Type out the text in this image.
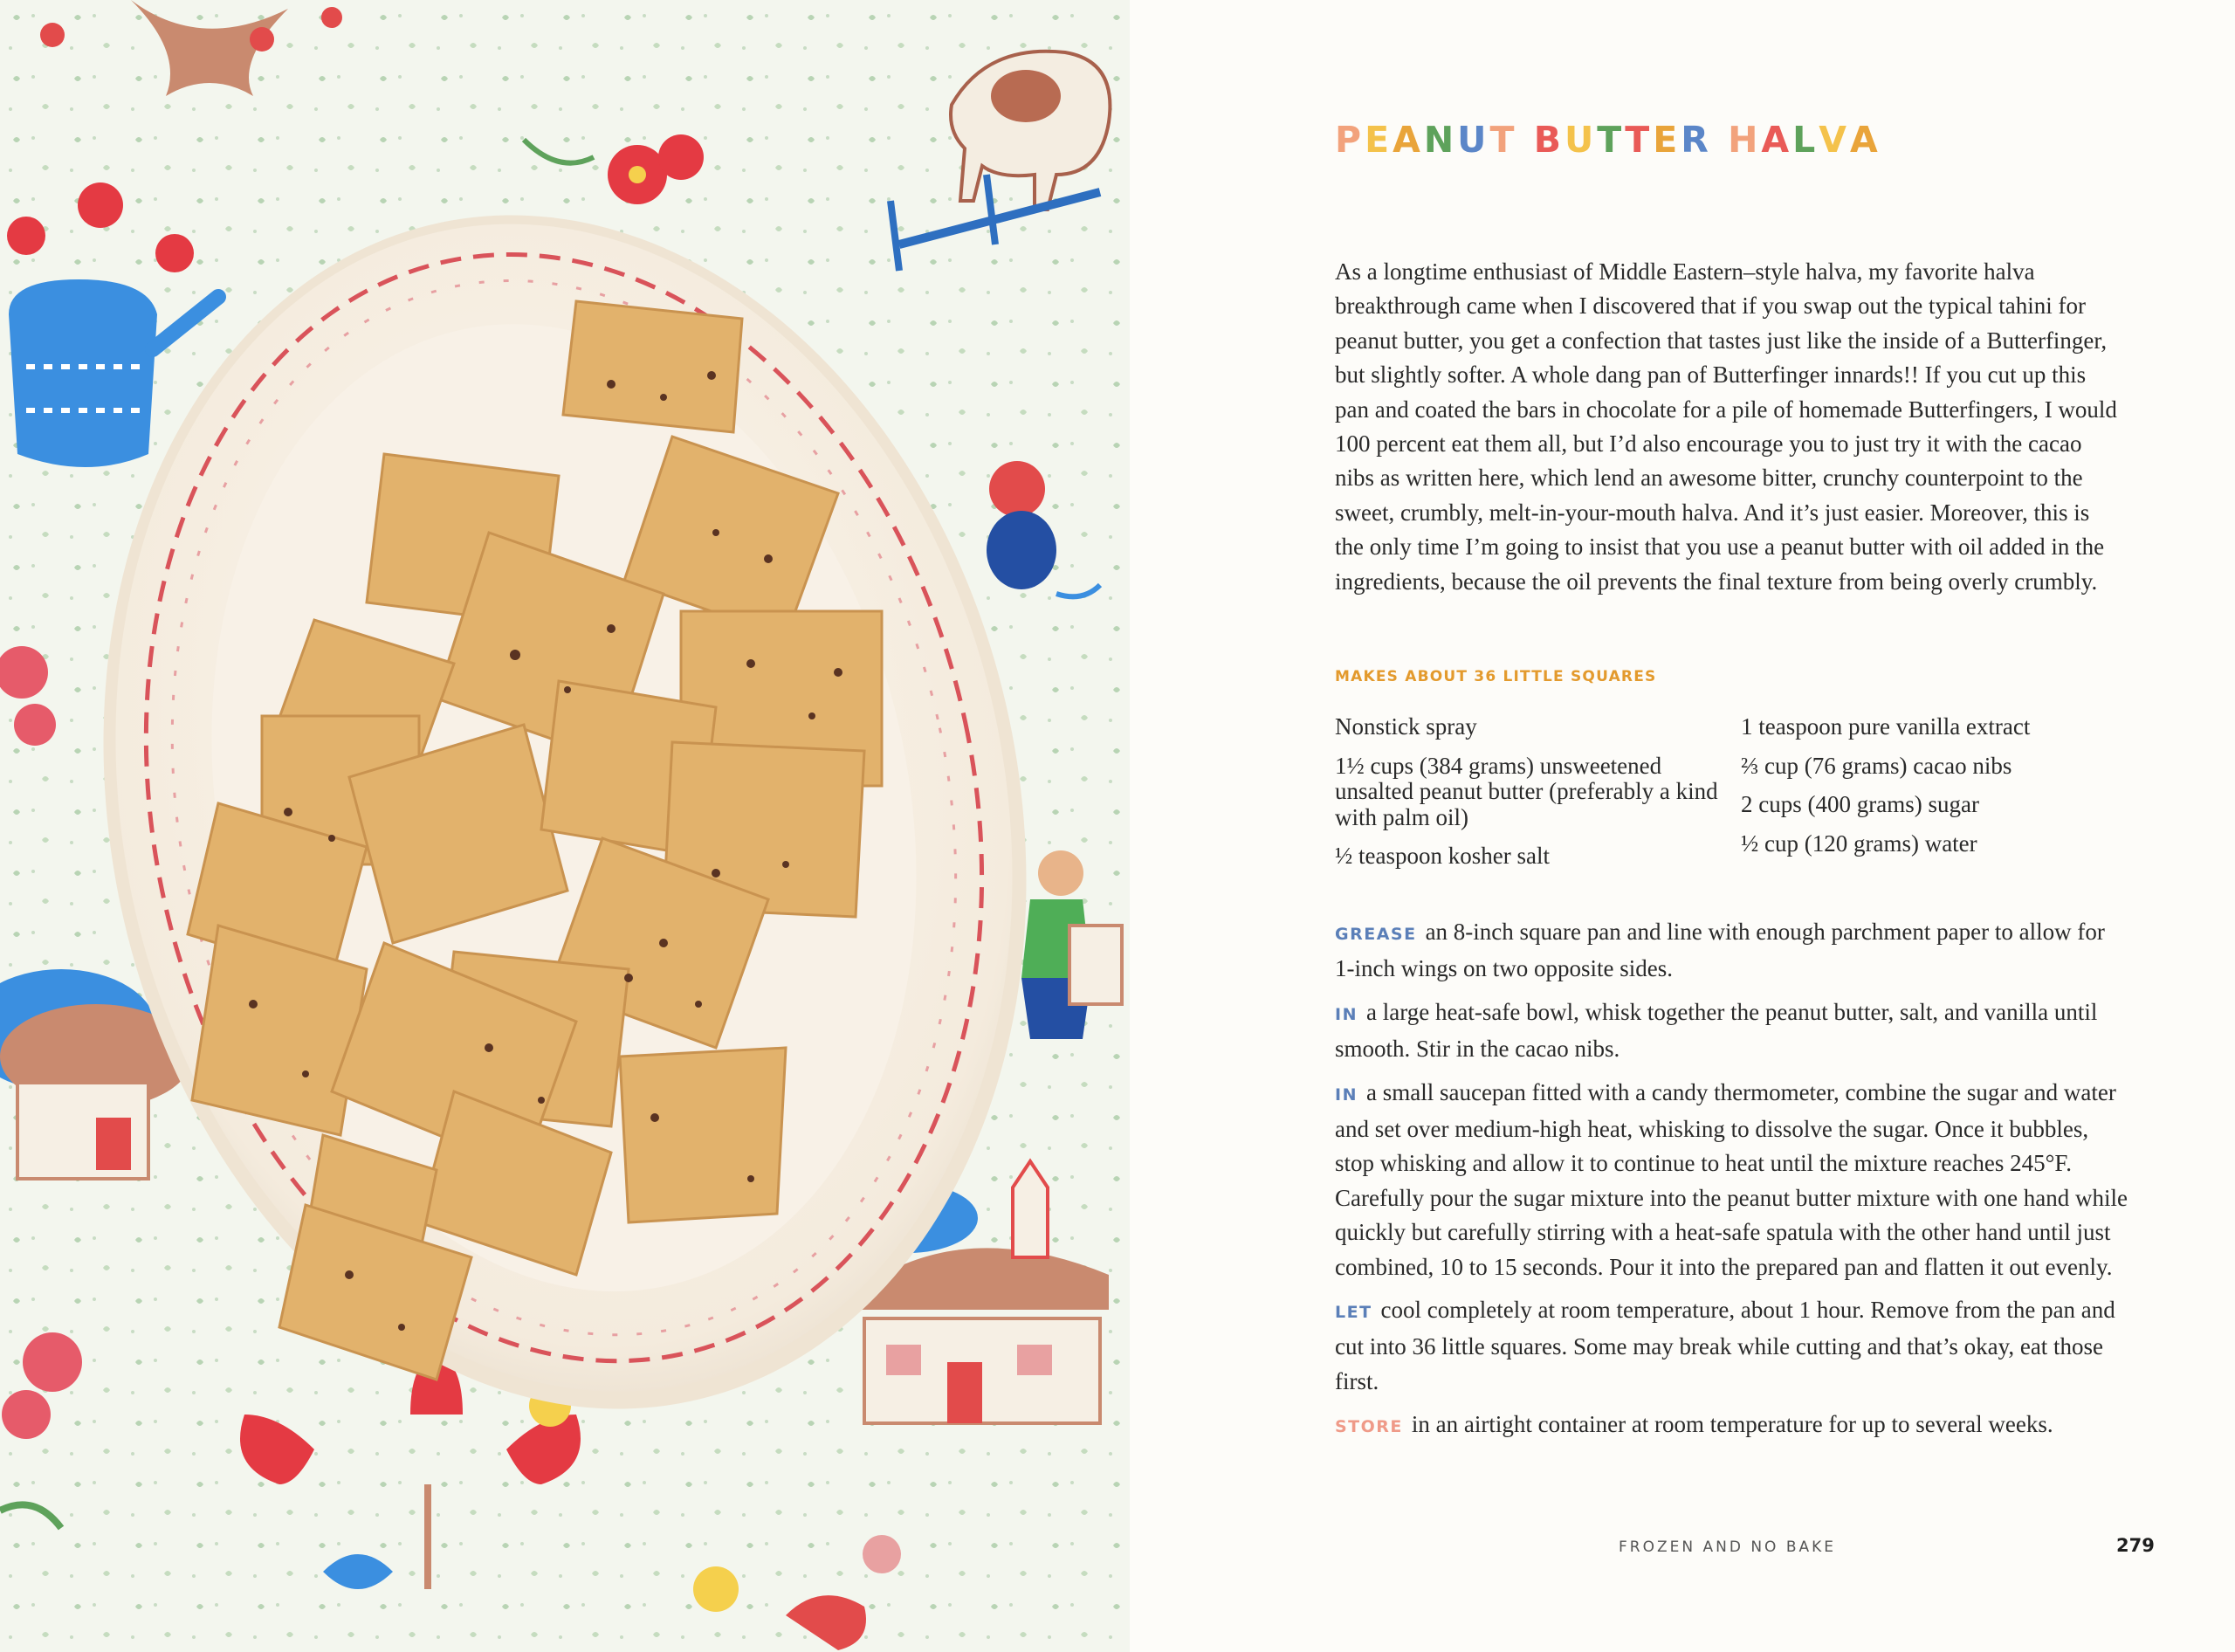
PEANUT BUTTER HALVA

As a longtime enthusiast of Middle Eastern–style halva, my favorite halva breakthrough came when I discovered that if you swap out the typical tahini for peanut butter, you get a confection that tastes just like the inside of a Butterfinger, but slightly softer. A whole dang pan of Butterfinger innards!! If you cut up this pan and coated the bars in chocolate for a pile of homemade Butterfingers, I would 100 percent eat them all, but I’d also encourage you to just try it with the cacao nibs as written here, which lend an awesome bitter, crunchy counterpoint to the sweet, crumbly, melt-in-your-mouth halva. And it’s just easier. Moreover, this is the only time I’m going to insist that you use a peanut butter with oil added in the ingredients, because the oil prevents the final texture from being overly crumbly.

MAKES ABOUT 36 LITTLE SQUARES

Nonstick spray
1½ cups (384 grams) unsweetened unsalted peanut butter (preferably a kind with palm oil)
½ teaspoon kosher salt
1 teaspoon pure vanilla extract
⅔ cup (76 grams) cacao nibs
2 cups (400 grams) sugar
½ cup (120 grams) water
GREASE an 8-inch square pan and line with enough parchment paper to allow for 1-inch wings on two opposite sides.
IN a large heat-safe bowl, whisk together the peanut butter, salt, and vanilla until smooth. Stir in the cacao nibs.
IN a small saucepan fitted with a candy thermometer, combine the sugar and water and set over medium-high heat, whisking to dissolve the sugar. Once it bubbles, stop whisking and allow it to continue to heat until the mixture reaches 245°F. Carefully pour the sugar mixture into the peanut butter mixture with one hand while quickly but carefully stirring with a heat-safe spatula with the other hand until just combined, 10 to 15 seconds. Pour it into the prepared pan and flatten it out evenly.
LET cool completely at room temperature, about 1 hour. Remove from the pan and cut into 36 little squares. Some may break while cutting and that’s okay, eat those first.
STORE in an airtight container at room temperature for up to several weeks.

FROZEN AND NO BAKE	279
